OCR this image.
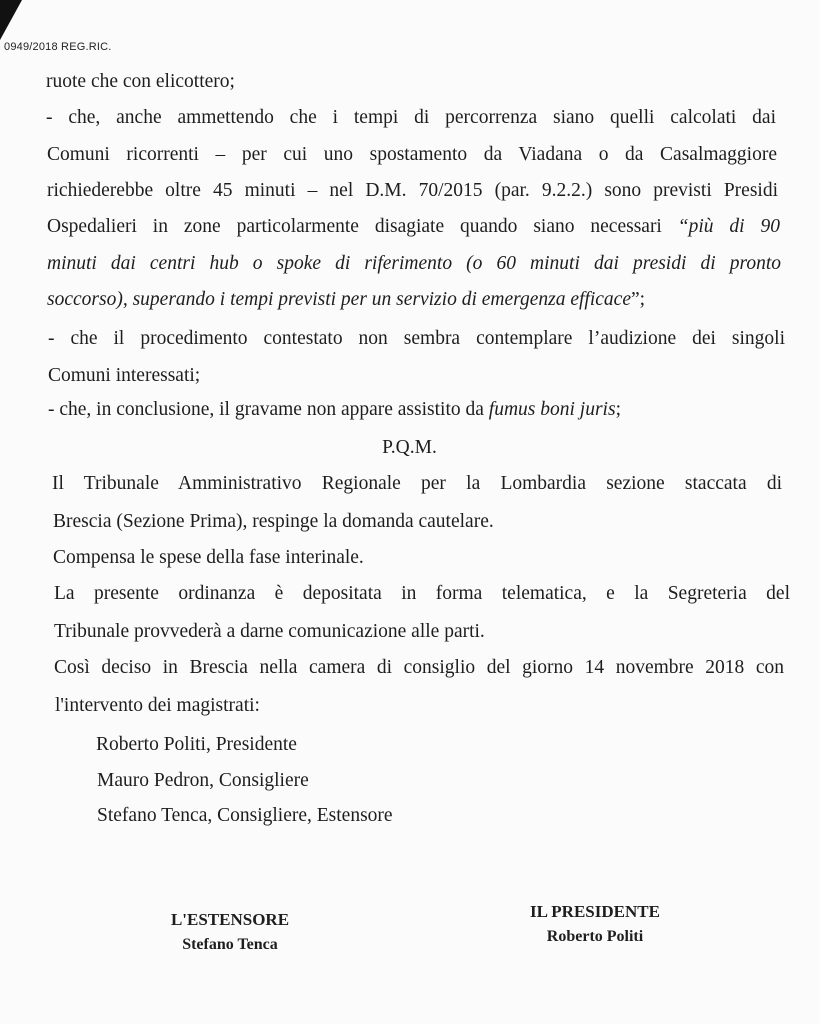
0949/2018 REG.RIC.
ruote che con elicottero;
- che, anche ammettendo che i tempi di percorrenza siano quelli calcolati dai
Comuni ricorrenti – per cui uno spostamento da Viadana o da Casalmaggiore
richiederebbe oltre 45 minuti – nel D.M. 70/2015 (par. 9.2.2.) sono previsti Presidi
Ospedalieri in zone particolarmente disagiate quando siano necessari “più di 90
minuti dai centri hub o spoke di riferimento (o 60 minuti dai presidi di pronto
soccorso), superando i tempi previsti per un servizio di emergenza efficace”;
- che il procedimento contestato non sembra contemplare l’audizione dei singoli
Comuni interessati;
- che, in conclusione, il gravame non appare assistito da fumus boni juris;
P.Q.M.
Il Tribunale Amministrativo Regionale per la Lombardia sezione staccata di
Brescia (Sezione Prima), respinge la domanda cautelare.
Compensa le spese della fase interinale.
La presente ordinanza è depositata in forma telematica, e la Segreteria del
Tribunale provvederà a darne comunicazione alle parti.
Così deciso in Brescia nella camera di consiglio del giorno 14 novembre 2018 con
l'intervento dei magistrati:
Roberto Politi, Presidente
Mauro Pedron, Consigliere
Stefano Tenca, Consigliere, Estensore
L'ESTENSORE
Stefano Tenca
IL PRESIDENTE
Roberto Politi
